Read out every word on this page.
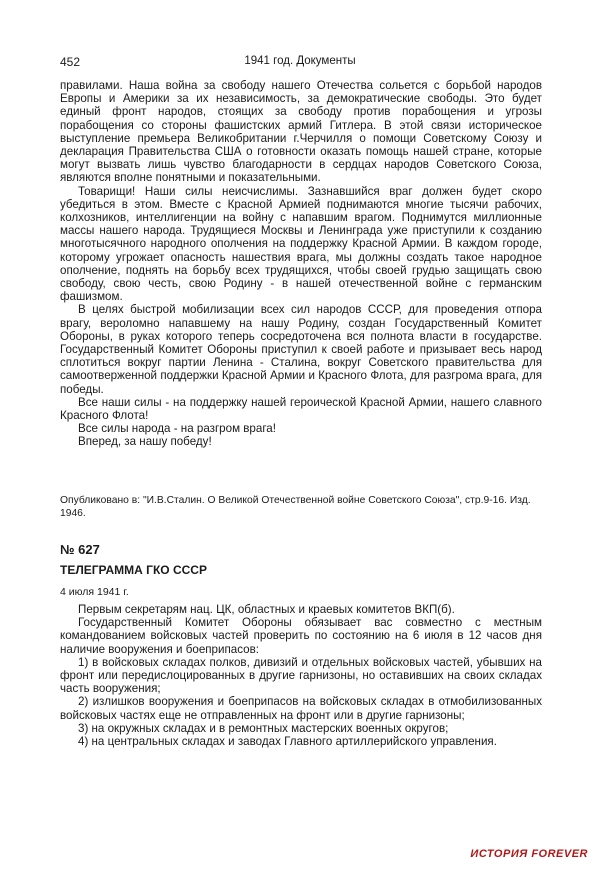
452	1941 год. Документы

правилами. Наша война за свободу нашего Отечества сольется с борьбой народов Европы и Америки за их независимость, за демократические свободы. Это будет единый фронт народов, стоящих за свободу против порабощения и угрозы порабощения со стороны фашистских армий Гитлера. В этой связи историческое выступление премьера Великобритании г.Черчилля о помощи Советскому Союзу и декларация Правительства США о готовности оказать помощь нашей стране, которые могут вызвать лишь чувство благодарности в сердцах народов Советского Союза, являются вполне понятными и показательными.

Товарищи! Наши силы неисчислимы. Зазнавшийся враг должен будет скоро убедиться в этом. Вместе с Красной Армией поднимаются многие тысячи рабочих, колхозников, интеллигенции на войну с напавшим врагом. Поднимутся миллионные массы нашего народа. Трудящиеся Москвы и Ленинграда уже приступили к созданию многотысячного народного ополчения на поддержку Красной Армии. В каждом городе, которому угрожает опасность нашествия врага, мы должны создать такое народное ополчение, поднять на борьбу всех трудящихся, чтобы своей грудью защищать свою свободу, свою честь, свою Родину - в нашей отечественной войне с германским фашизмом.

В целях быстрой мобилизации всех сил народов СССР, для проведения отпора врагу, вероломно напавшему на нашу Родину, создан Государственный Комитет Обороны, в руках которого теперь сосредоточена вся полнота власти в государстве. Государственный Комитет Обороны приступил к своей работе и призывает весь народ сплотиться вокруг партии Ленина - Сталина, вокруг Советского правительства для самоотверженной поддержки Красной Армии и Красного Флота, для разгрома врага, для победы.

Все наши силы - на поддержку нашей героической Красной Армии, нашего славного Красного Флота!

Все силы народа - на разгром врага!

Вперед, за нашу победу!

Опубликовано в: "И.В.Сталин. О Великой Отечественной войне Советского Союза", стр.9-16. Изд. 1946.
№ 627
ТЕЛЕГРАММА ГКО СССР
4 июля 1941 г.

Первым секретарям нац. ЦК, областных и краевых комитетов ВКП(б).

Государственный Комитет Обороны обязывает вас совместно с местным командованием войсковых частей проверить по состоянию на 6 июля в 12 часов дня наличие вооружения и боеприпасов:

1) в войсковых складах полков, дивизий и отдельных войсковых частей, убывших на фронт или передислоцированных в другие гарнизоны, но оставивших на своих складах часть вооружения;

2) излишков вооружения и боеприпасов на войсковых складах в отмобилизованных войсковых частях еще не отправленных на фронт или в другие гарнизоны;

3) на окружных складах и в ремонтных мастерских военных округов;

4) на центральных складах и заводах Главного артиллерийского управления.

ИСТОРИЯ FOREVER
